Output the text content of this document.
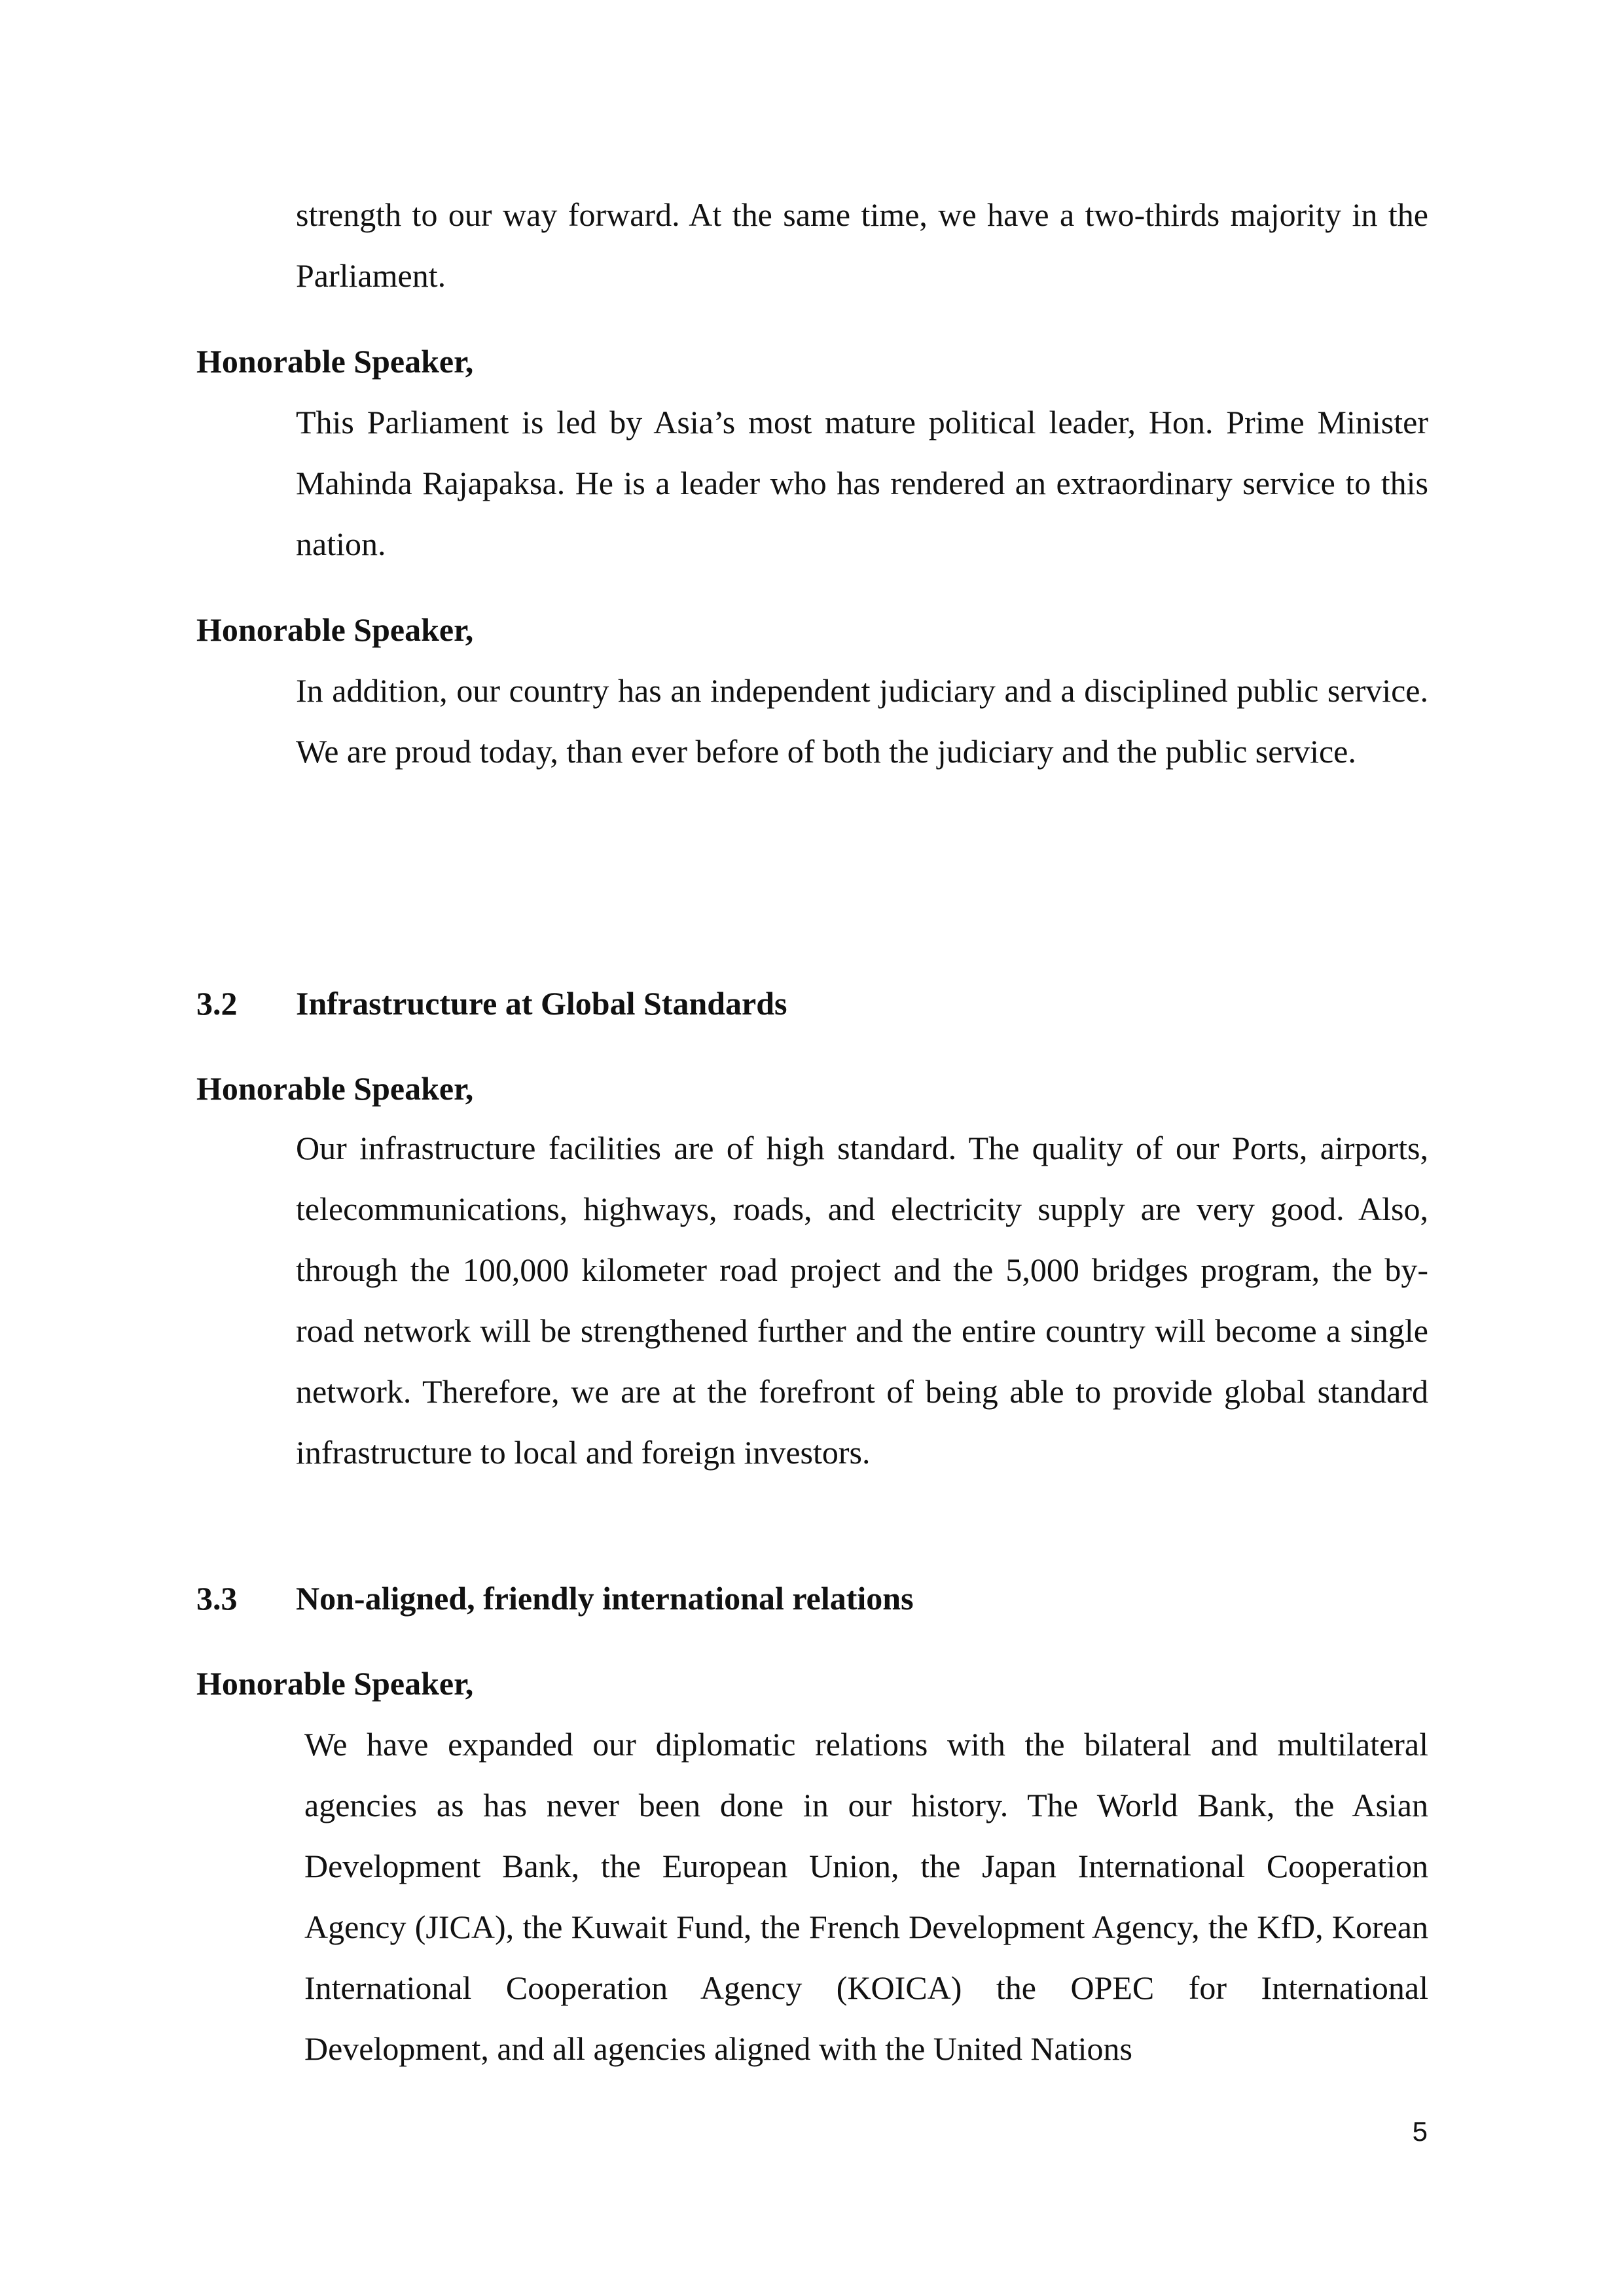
strength to our way forward. At the same time, we have a two-thirds majority in the Parliament.

Honorable Speaker,

This Parliament is led by Asia’s most mature political leader, Hon. Prime Minister Mahinda Rajapaksa. He is a leader who has rendered an extraordinary service to this nation.

Honorable Speaker,

In addition, our country has an independent judiciary and a disciplined public service. We are proud today, than ever before of both the judiciary and the public service.

3.2 Infrastructure at Global Standards

Honorable Speaker,

Our infrastructure facilities are of high standard. The quality of our Ports, airports, telecommunications, highways, roads, and electricity supply are very good. Also, through the 100,000 kilometer road project and the 5,000 bridges program, the by-road network will be strengthened further and the entire country will become a single network. Therefore, we are at the forefront of being able to provide global standard infrastructure to local and foreign investors.

3.3 Non-aligned, friendly international relations

Honorable Speaker,

We have expanded our diplomatic relations with the bilateral and multilateral agencies as has never been done in our history. The World Bank, the Asian Development Bank, the European Union, the Japan International Cooperation Agency (JICA), the Kuwait Fund, the French Development Agency, the KfD, Korean International Cooperation Agency (KOICA) the OPEC for International Development, and all agencies aligned with the United Nations

5
